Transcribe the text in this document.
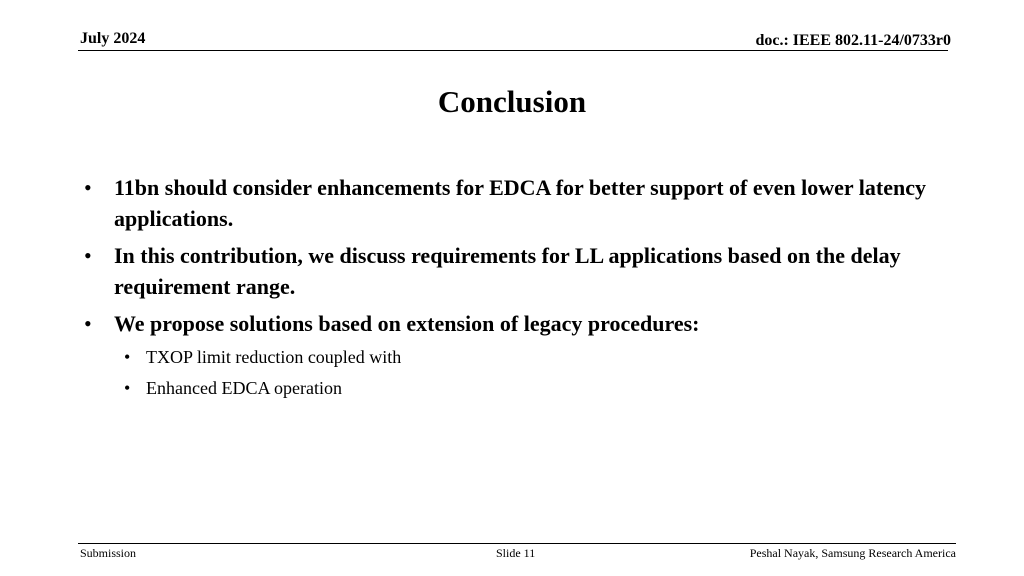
July 2024	doc.: IEEE 802.11-24/0733r0
Conclusion
• 11bn should consider enhancements for EDCA for better support of even lower latency applications.
• In this contribution, we discuss requirements for LL applications based on the delay requirement range.
• We propose solutions based on extension of legacy procedures:
• TXOP limit reduction coupled with
• Enhanced EDCA operation
Submission	Slide 11	Peshal Nayak, Samsung Research America
